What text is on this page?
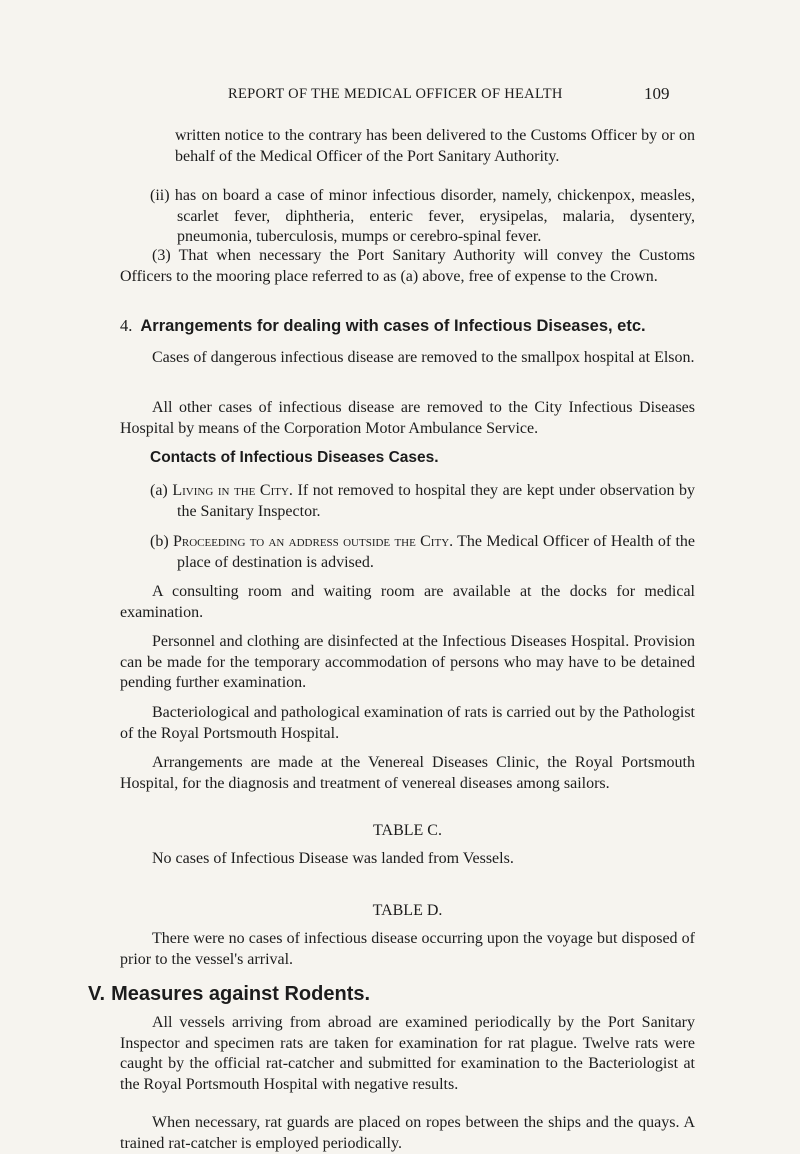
REPORT OF THE MEDICAL OFFICER OF HEALTH	109

written notice to the contrary has been delivered to the Customs Officer by or on behalf of the Medical Officer of the Port Sanitary Authority.

(ii) has on board a case of minor infectious disorder, namely, chickenpox, measles, scarlet fever, diphtheria, enteric fever, erysipelas, malaria, dysentery, pneumonia, tuberculosis, mumps or cerebro-spinal fever.

(3) That when necessary the Port Sanitary Authority will convey the Customs Officers to the mooring place referred to as (a) above, free of expense to the Crown.

4. Arrangements for dealing with cases of Infectious Diseases, etc.

Cases of dangerous infectious disease are removed to the smallpox hospital at Elson.

All other cases of infectious disease are removed to the City Infectious Diseases Hospital by means of the Corporation Motor Ambulance Service.

Contacts of Infectious Diseases Cases.

(a) Living in the City. If not removed to hospital they are kept under observation by the Sanitary Inspector.

(b) Proceeding to an address outside the City. The Medical Officer of Health of the place of destination is advised.

A consulting room and waiting room are available at the docks for medical examination.

Personnel and clothing are disinfected at the Infectious Diseases Hospital. Provision can be made for the temporary accommodation of persons who may have to be detained pending further examination.

Bacteriological and pathological examination of rats is carried out by the Pathologist of the Royal Portsmouth Hospital.

Arrangements are made at the Venereal Diseases Clinic, the Royal Portsmouth Hospital, for the diagnosis and treatment of venereal diseases among sailors.

TABLE C.

No cases of Infectious Disease was landed from Vessels.

TABLE D.

There were no cases of infectious disease occurring upon the voyage but disposed of prior to the vessel's arrival.

V. Measures against Rodents.

All vessels arriving from abroad are examined periodically by the Port Sanitary Inspector and specimen rats are taken for examination for rat plague. Twelve rats were caught by the official rat-catcher and submitted for examination to the Bacteriologist at the Royal Portsmouth Hospital with negative results.

When necessary, rat guards are placed on ropes between the ships and the quays. A trained rat-catcher is employed periodically.
